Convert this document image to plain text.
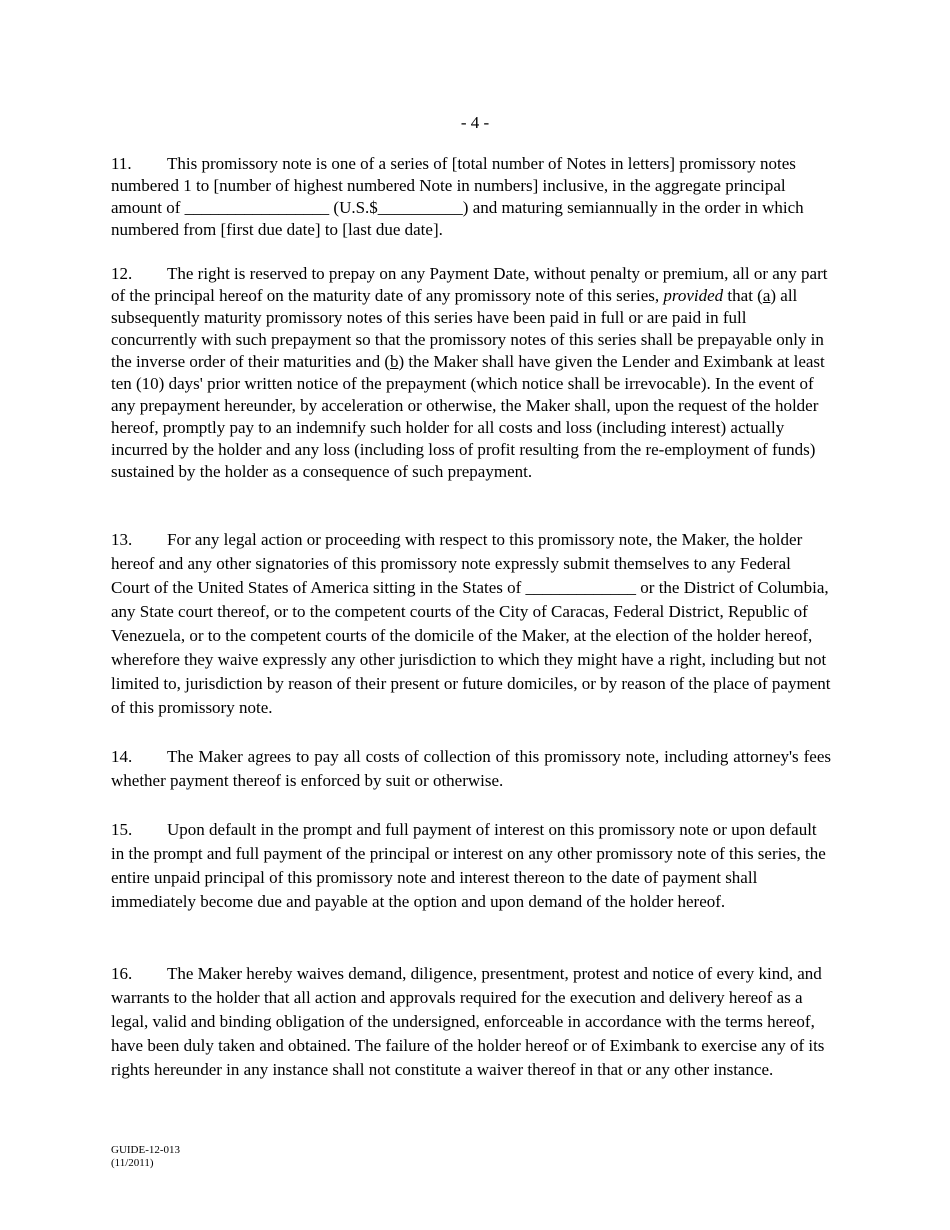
- 4 -

11. This promissory note is one of a series of [total number of Notes in letters] promissory notes numbered 1 to [number of highest numbered Note in numbers] inclusive, in the aggregate principal amount of _________________ (U.S.$__________) and maturing semiannually in the order in which numbered from [first due date] to [last due date].

12. The right is reserved to prepay on any Payment Date, without penalty or premium, all or any part of the principal hereof on the maturity date of any promissory note of this series, provided that (a) all subsequently maturity promissory notes of this series have been paid in full or are paid in full concurrently with such prepayment so that the promissory notes of this series shall be prepayable only in the inverse order of their maturities and (b) the Maker shall have given the Lender and Eximbank at least ten (10) days' prior written notice of the prepayment (which notice shall be irrevocable). In the event of any prepayment hereunder, by acceleration or otherwise, the Maker shall, upon the request of the holder hereof, promptly pay to an indemnify such holder for all costs and loss (including interest) actually incurred by the holder and any loss (including loss of profit resulting from the re-employment of funds) sustained by the holder as a consequence of such prepayment.

13. For any legal action or proceeding with respect to this promissory note, the Maker, the holder hereof and any other signatories of this promissory note expressly submit themselves to any Federal Court of the United States of America sitting in the States of _____________ or the District of Columbia, any State court thereof, or to the competent courts of the City of Caracas, Federal District, Republic of Venezuela, or to the competent courts of the domicile of the Maker, at the election of the holder hereof, wherefore they waive expressly any other jurisdiction to which they might have a right, including but not limited to, jurisdiction by reason of their present or future domiciles, or by reason of the place of payment of this promissory note.

14. The Maker agrees to pay all costs of collection of this promissory note, including attorney's fees whether payment thereof is enforced by suit or otherwise.

15. Upon default in the prompt and full payment of interest on this promissory note or upon default in the prompt and full payment of the principal or interest on any other promissory note of this series, the entire unpaid principal of this promissory note and interest thereon to the date of payment shall immediately become due and payable at the option and upon demand of the holder hereof.

16. The Maker hereby waives demand, diligence, presentment, protest and notice of every kind, and warrants to the holder that all action and approvals required for the execution and delivery hereof as a legal, valid and binding obligation of the undersigned, enforceable in accordance with the terms hereof, have been duly taken and obtained. The failure of the holder hereof or of Eximbank to exercise any of its rights hereunder in any instance shall not constitute a waiver thereof in that or any other instance.

GUIDE-12-013
(11/2011)
